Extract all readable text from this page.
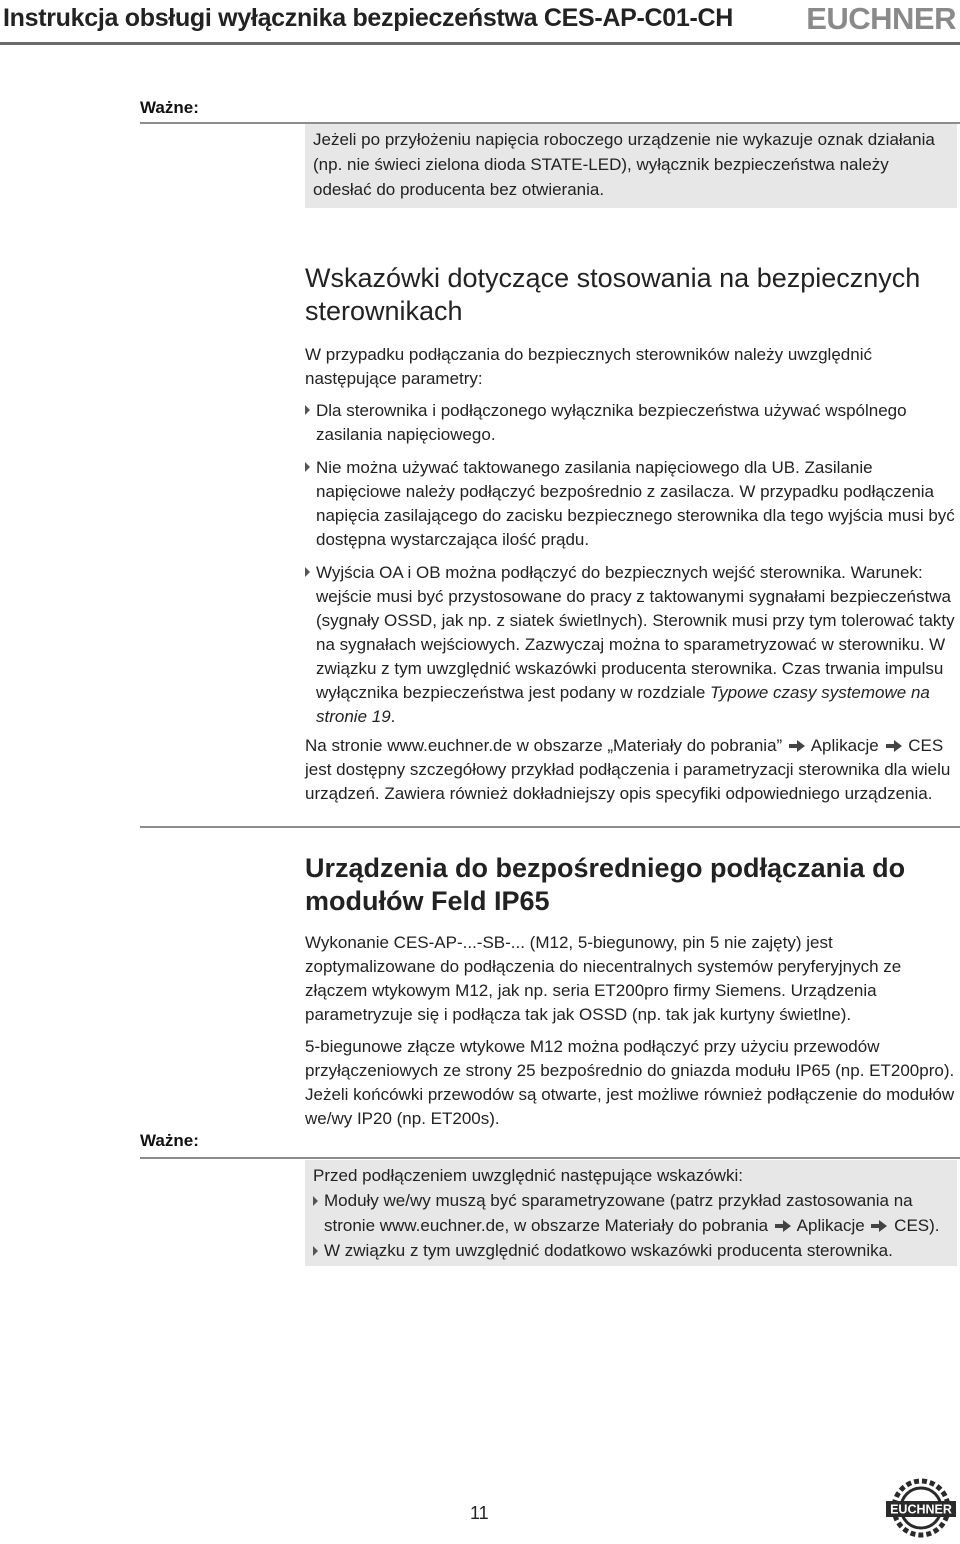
Instrukcja obsługi wyłącznika bezpieczeństwa CES-AP-C01-CH EUCHNER
Ważne:
Jeżeli po przyłożeniu napięcia roboczego urządzenie nie wykazuje oznak działania (np. nie świeci zielona dioda STATE-LED), wyłącznik bezpieczeństwa należy odesłać do producenta bez otwierania.
Wskazówki dotyczące stosowania na bezpiecznych sterownikach
W przypadku podłączania do bezpiecznych sterowników należy uwzględnić następujące parametry:
Dla sterownika i podłączonego wyłącznika bezpieczeństwa używać wspólnego zasilania napięciowego.
Nie można używać taktowanego zasilania napięciowego dla UB. Zasilanie napięciowe należy podłączyć bezpośrednio z zasilacza. W przypadku podłączenia napięcia zasilającego do zacisku bezpiecznego sterownika dla tego wyjścia musi być dostępna wystarczająca ilość prądu.
Wyjścia OA i OB można podłączyć do bezpiecznych wejść sterownika. Warunek: wejście musi być przystosowane do pracy z taktowanymi sygnałami bezpieczeństwa (sygnały OSSD, jak np. z siatek świetlnych). Sterownik musi przy tym tolerować takty na sygnałach wejściowych. Zazwyczaj można to sparametryzować w sterowniku. W związku z tym uwzględnić wskazówki producenta sterownika. Czas trwania impulsu wyłącznika bezpieczeństwa jest podany w rozdziale Typowe czasy systemowe na stronie 19.
Na stronie www.euchner.de w obszarze „Materiały do pobrania” Aplikacje CES jest dostępny szczegółowy przykład podłączenia i parametryzacji sterownika dla wielu urządzeń. Zawiera również dokładniejszy opis specyfiki odpowiedniego urządzenia.
Urządzenia do bezpośredniego podłączania do modułów Feld IP65
Wykonanie CES-AP-...-SB-... (M12, 5-biegunowy, pin 5 nie zajęty) jest zoptymalizowane do podłączenia do niecentralnych systemów peryferyjnych ze złączem wtykowym M12, jak np. seria ET200pro firmy Siemens. Urządzenia parametryzuje się i podłącza tak jak OSSD (np. tak jak kurtyny świetlne).
5-biegunowe złącze wtykowe M12 można podłączyć przy użyciu przewodów przyłączeniowych ze strony 25 bezpośrednio do gniazda modułu IP65 (np. ET200pro). Jeżeli końcówki przewodów są otwarte, jest możliwe również podłączenie do modułów we/wy IP20 (np. ET200s).
Ważne:
Przed podłączeniem uwzględnić następujące wskazówki:
Moduły we/wy muszą być sparametryzowane (patrz przykład zastosowania na stronie www.euchner.de, w obszarze Materiały do pobrania Aplikacje CES).
W związku z tym uwzględnić dodatkowo wskazówki producenta sterownika.
11	EUCHNER
